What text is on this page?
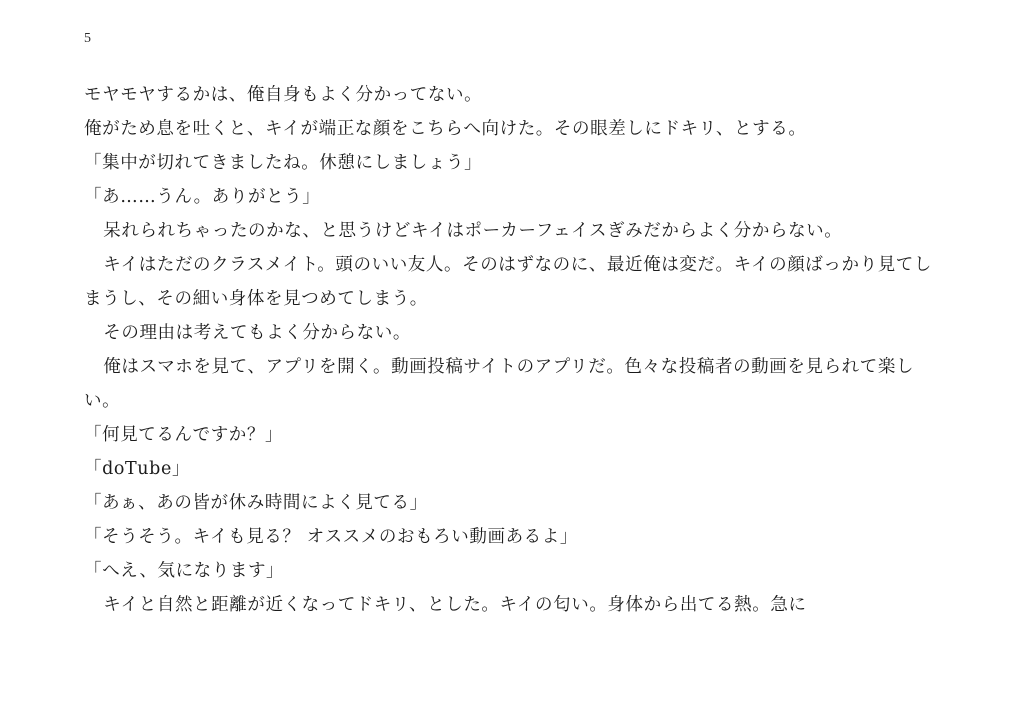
5

モヤモヤするかは、俺自身もよく分かってない。

俺がため息を吐くと、キイが端正な顔をこちらへ向けた。その眼差しにドキリ、とする。

「集中が切れてきましたね。休憩にしましょう」

「あ……うん。ありがとう」

呆れられちゃったのかな、と思うけどキイはポーカーフェイスぎみだからよく分からない。

キイはただのクラスメイト。頭のいい友人。そのはずなのに、最近俺は変だ。キイの顔ばっかり見てしまうし、その細い身体を見つめてしまう。

その理由は考えてもよく分からない。

俺はスマホを見て、アプリを開く。動画投稿サイトのアプリだ。色々な投稿者の動画を見られて楽しい。

「何見てるんですか？」

「doTube」

「あぁ、あの皆が休み時間によく見てる」

「そうそう。キイも見る？ オススメのおもろい動画あるよ」

「へえ、気になります」

キイと自然と距離が近くなってドキリ、とした。キイの匂い。身体から出てる熱。急に
